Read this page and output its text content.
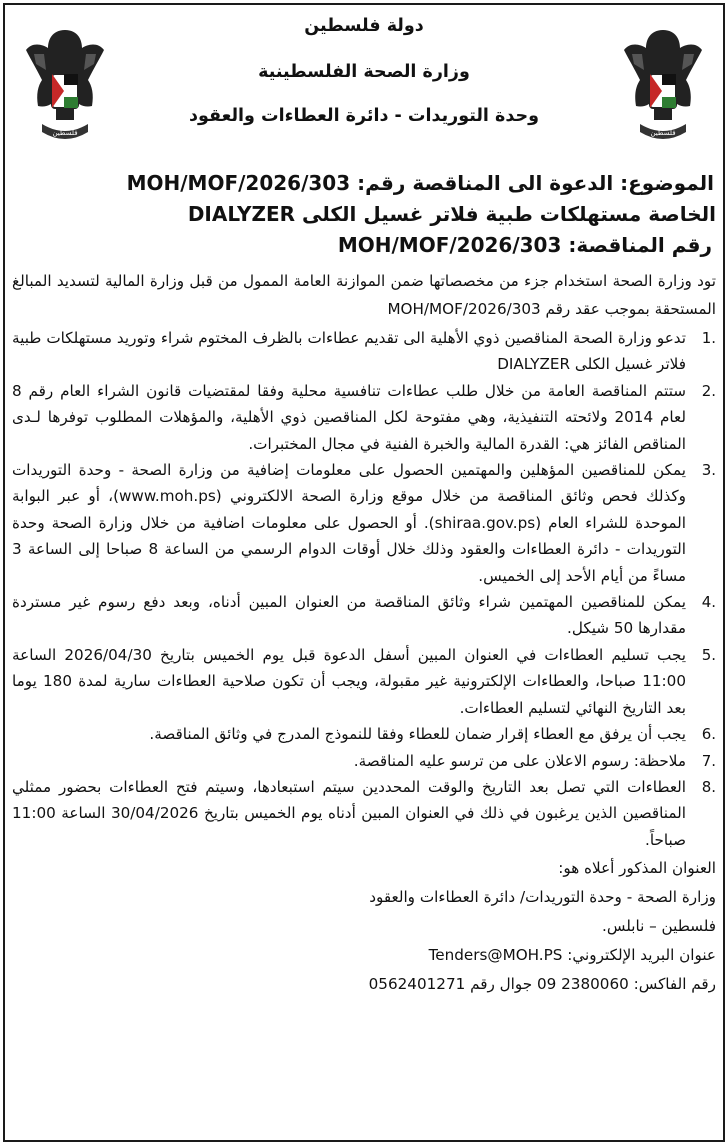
فلسطين
فلسطين
دولة فلسطين
وزارة الصحة الفلسطينية
وحدة التوريدات - دائرة العطاءات والعقود
الموضوع: الدعوة الى المناقصة رقم: MOH/MOF/2026/303
الخاصة مستهلكات طبية فلاتر غسيل الكلى DIALYZER
رقم المناقصة: MOH/MOF/2026/303

تود وزارة الصحة استخدام جزء من مخصصاتها ضمن الموازنة العامة الممول من قبل وزارة المالية لتسديد المبالغ المستحقة بموجب عقد رقم MOH/MOF/2026/303

1.
تدعو وزارة الصحة المناقصين ذوي الأهلية الى تقديم عطاءات بالظرف المختوم شراء وتوريد مستهلكات طبية فلاتر غسيل الكلى DIALYZER
2.
ستتم المناقصة العامة من خلال طلب عطاءات تنافسية محلية وفقا لمقتضيات قانون الشراء العام رقم 8 لعام 2014 ولائحته التنفيذية، وهي مفتوحة لكل المناقصين ذوي الأهلية، والمؤهلات المطلوب توفرها لـدى المناقص الفائز هي: القدرة المالية والخبرة الفنية في مجال المختبرات.
3.
يمكن للمناقصين المؤهلين والمهتمين الحصول على معلومات إضافية من وزارة الصحة - وحدة التوريدات وكذلك فحص وثائق المناقصة من خلال موقع وزارة الصحة الالكتروني (www.moh.ps)، أو عبر البوابة الموحدة للشراء العام (shiraa.gov.ps). أو الحصول على معلومات اضافية من خلال وزارة الصحة وحدة التوريدات - دائرة العطاءات والعقود وذلك خلال أوقات الدوام الرسمي من الساعة 8 صباحا إلى الساعة 3 مساءً من أيام الأحد إلى الخميس.
4.
يمكن للمناقصين المهتمين شراء وثائق المناقصة من العنوان المبين أدناه، وبعد دفع رسوم غير مستردة مقدارها 50 شيكل.
5.
يجب تسليم العطاءات في العنوان المبين أسفل الدعوة قبل يوم الخميس بتاريخ 2026/04/30 الساعة 11:00 صباحا، والعطاءات الإلكترونية غير مقبولة، ويجب أن تكون صلاحية العطاءات سارية لمدة 180 يوما بعد التاريخ النهائي لتسليم العطاءات.
6.
يجب أن يرفق مع العطاء إقرار ضمان للعطاء وفقا للنموذج المدرج في وثائق المناقصة.
7.
ملاحظة: رسوم الاعلان على من ترسو عليه المناقصة.
8.
العطاءات التي تصل بعد التاريخ والوقت المحددين سيتم استبعادها، وسيتم فتح العطاءات بحضور ممثلي المناقصين الذين يرغبون في ذلك في العنوان المبين أدناه يوم الخميس بتاريخ 30/04/2026 الساعة 11:00 صباحاً.
العنوان المذكور أعلاه هو:
وزارة الصحة - وحدة التوريدات/ دائرة العطاءات والعقود
فلسطين – نابلس.
عنوان البريد الإلكتروني: Tenders@MOH.PS
رقم الفاكس: 2380060 09 جوال رقم 0562401271
